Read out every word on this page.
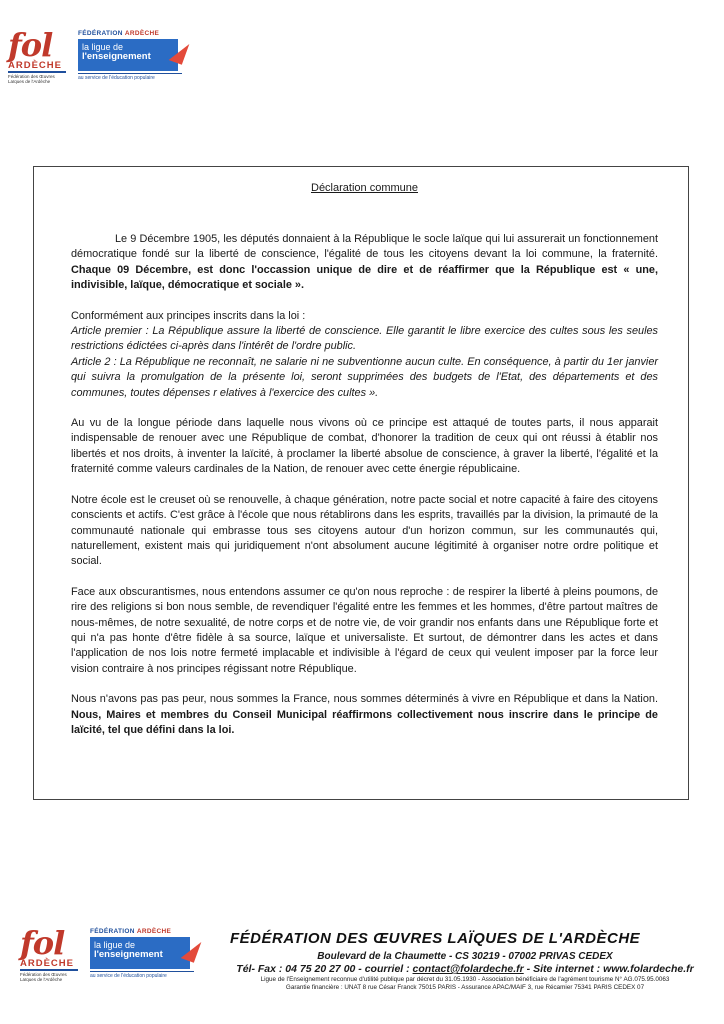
fol
ARDÈCHE
Fédération des Œuvres Laïques de l'Ardèche
FÉDÉRATION ARDÈCHE
la ligue de
l'enseignement
au service de l'éducation populaire
Déclaration commune

Le 9 Décembre 1905, les députés donnaient à la République le socle laïque qui lui assurerait un fonctionnement démocratique fondé sur la liberté de conscience, l'égalité de tous les citoyens devant la loi commune, la fraternité. Chaque 09 Décembre, est donc l'occassion unique de dire et de réaffirmer que la République est « une, indivisible, laïque, démocratique et sociale ».

Conformément aux principes inscrits dans la loi :
Article premier : La République assure la liberté de conscience. Elle garantit le libre exercice des cultes sous les seules restrictions édictées ci-après dans l'intérêt de l'ordre public.
Article 2 : La République ne reconnaît, ne salarie ni ne subventionne aucun culte. En conséquence, à partir du 1er janvier qui suivra la promulgation de la présente loi, seront supprimées des budgets de l'Etat, des départements et des communes, toutes dépenses r elatives à l'exercice des cultes ».

Au vu de la longue période dans laquelle nous vivons où ce principe est attaqué de toutes parts, il nous apparait indispensable de renouer avec une République de combat, d'honorer la tradition de ceux qui ont réussi à établir nos libertés et nos droits, à inventer la laïcité, à proclamer la liberté absolue de conscience, à graver la liberté, l'égalité et la fraternité comme valeurs cardinales de la Nation, de renouer avec cette énergie républicaine.

Notre école est le creuset où se renouvelle, à chaque génération, notre pacte social et notre capacité à faire des citoyens conscients et actifs. C'est grâce à l'école que nous rétablirons dans les esprits, travaillés par la division, la primauté de la communauté nationale qui embrasse tous ses citoyens autour d'un horizon commun, sur les communautés qui, naturellement, existent mais qui juridiquement n'ont absolument aucune légitimité à organiser notre ordre politique et social.

Face aux obscurantismes, nous entendons assumer ce qu'on nous reproche : de respirer la liberté à pleins poumons, de rire des religions si bon nous semble, de revendiquer l'égalité entre les femmes et les hommes, d'être partout maîtres de nous-mêmes, de notre sexualité, de notre corps et de notre vie, de voir grandir nos enfants dans une République forte et qui n'a pas honte d'être fidèle à sa source, laïque et universaliste. Et surtout, de démontrer dans les actes et dans l'application de nos lois notre fermeté implacable et indivisible à l'égard de ceux qui veulent imposer par la force leur vision contraire à nos principes régissant notre République.

Nous n'avons pas pas peur, nous sommes la France, nous sommes déterminés à vivre en République et dans la Nation. Nous, Maires et membres du Conseil Municipal réaffirmons collectivement nous inscrire dans le principe de laïcité, tel que défini dans la loi.

fol
ARDÈCHE
Fédération des Œuvres Laïques de l'Ardèche
FÉDÉRATION ARDÈCHE
la ligue de
l'enseignement
au service de l'éducation populaire
FÉDÉRATION DES ŒUVRES LAÏQUES DE L'ARDÈCHE
Boulevard de la Chaumette - CS 30219 - 07002 PRIVAS CEDEX
Tél- Fax : 04 75 20 27 00 - courriel : contact@folardeche.fr - Site internet : www.folardeche.fr
Ligue de l'Enseignement reconnue d'utilité publique par décret du 31.05.1930 - Association bénéficiaire de l'agrément tourisme N° AG.075.95.0063
Garantie financière : UNAT 8 rue César Franck 75015 PARIS - Assurance APAC/MAIF 3, rue Récamier 75341 PARIS CEDEX 07
